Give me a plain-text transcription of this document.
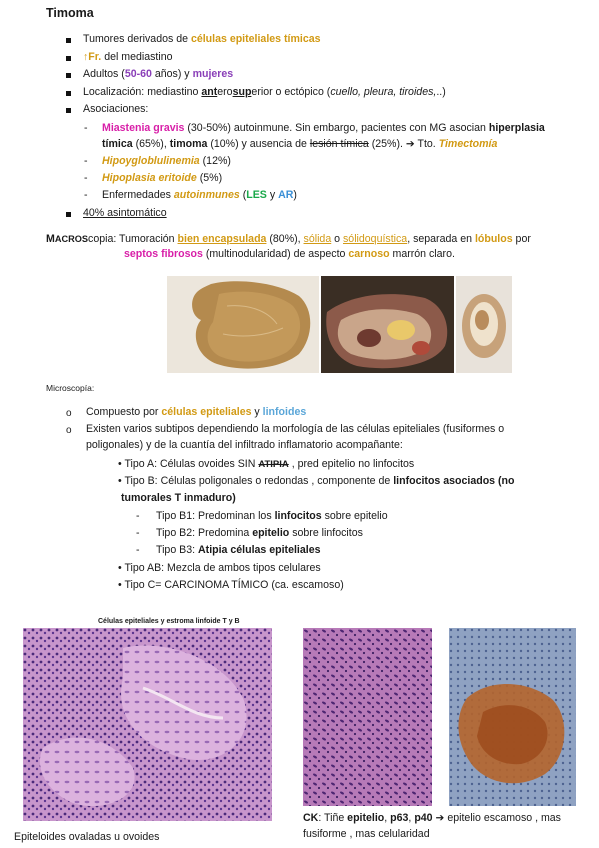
Timoma
Tumores derivados de células epiteliales tímicas
↑Fr. del mediastino
Adultos (50-60 años) y mujeres
Localización: mediastino anterosuperior o ectópico (cuello, pleura, tiroides,..)
Asociaciones:
- Miastenia gravis (30-50%) autoinmune. Sin embargo, pacientes con MG asocian hiperplasia tímica (65%), timoma (10%) y ausencia de lesión tímica (25%). ➔ Tto. Timectomía
- Hipoygloblulinemia (12%)
- Hipoplasia eritoide (5%)
- Enfermedades autoinmunes (LES y AR)
40% asintomático
MACROScopia: Tumoración bien encapsulada (80%), sólida o sólidoquística, separada en lóbulos por
septos fibrosos (multinodularidad) de aspecto carnoso marrón claro.
Microscopía:
o Compuesto por células epiteliales y linfoides
o Existen varios subtipos dependiendo la morfología de las células epiteliales (fusiformes o poligonales) y de la cuantía del infiltrado inflamatorio acompañante:
• Tipo A: Células ovoides SIN ATIPIA , pred epitelio no linfocitos
• Tipo B: Células poligonales o redondas , componente de linfocitos asociados (no
tumorales T inmaduro)
- Tipo B1: Predominan los linfocitos sobre epitelio
- Tipo B2: Predomina epitelio sobre linfocitos
- Tipo B3: Atipia células epiteliales
• Tipo AB: Mezcla de ambos tipos celulares
• Tipo C= CARCINOMA TÍMICO (ca. escamoso)
Células epiteliales y estroma linfoide T y B
CK: Tiñe epitelio, p63, p40 ➔ epitelio escamoso , mas
fusiforme , mas celularidad
Epiteloides ovaladas u ovoides
